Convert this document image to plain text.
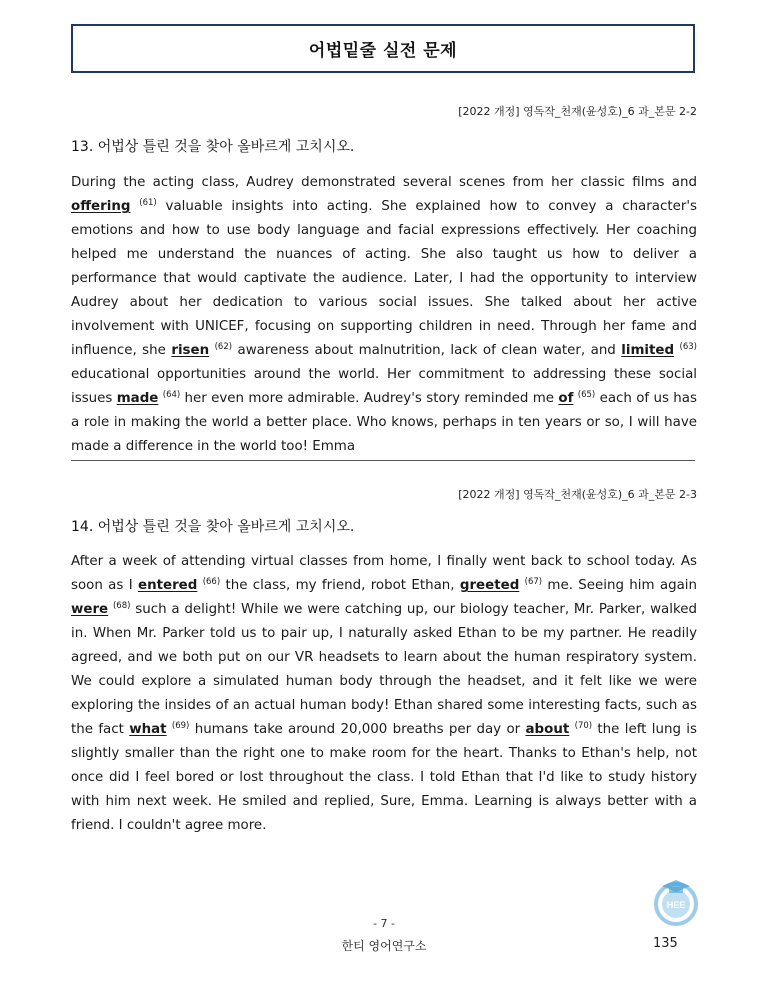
어법밑줄 실전 문제
[2022 개정] 영독작_천재(윤성호)_6 과_본문 2-2
13. 어법상 틀린 것을 찾아 올바르게 고치시오.
During the acting class, Audrey demonstrated several scenes from her classic films and offering $^{(61)}$ valuable insights into acting. She explained how to convey a character's emotions and how to use body language and facial expressions effectively. Her coaching helped me understand the nuances of acting. She also taught us how to deliver a performance that would captivate the audience. Later, I had the opportunity to interview Audrey about her dedication to various social issues. She talked about her active involvement with UNICEF, focusing on supporting children in need. Through her fame and influence, she risen $^{(62)}$ awareness about malnutrition, lack of clean water, and limited $^{(63)}$ educational opportunities around the world. Her commitment to addressing these social issues made $^{(64)}$ her even more admirable. Audrey's story reminded me of $^{(65)}$ each of us has a role in making the world a better place. Who knows, perhaps in ten years or so, I will have made a difference in the world too! Emma
[2022 개정] 영독작_천재(윤성호)_6 과_본문 2-3
14. 어법상 틀린 것을 찾아 올바르게 고치시오.
After a week of attending virtual classes from home, I finally went back to school today. As soon as I entered $^{(66)}$ the class, my friend, robot Ethan, greeted $^{(67)}$ me. Seeing him again were $^{(68)}$ such a delight! While we were catching up, our biology teacher, Mr. Parker, walked in. When Mr. Parker told us to pair up, I naturally asked Ethan to be my partner. He readily agreed, and we both put on our VR headsets to learn about the human respiratory system. We could explore a simulated human body through the headset, and it felt like we were exploring the insides of an actual human body! Ethan shared some interesting facts, such as the fact what $^{(69)}$ humans take around 20,000 breaths per day or about $^{(70)}$ the left lung is slightly smaller than the right one to make room for the heart. Thanks to Ethan's help, not once did I feel bored or lost throughout the class. I told Ethan that I'd like to study history with him next week. He smiled and replied, Sure, Emma. Learning is always better with a friend. I couldn't agree more.
HEE
- 7 -
한티 영어연구소	135
